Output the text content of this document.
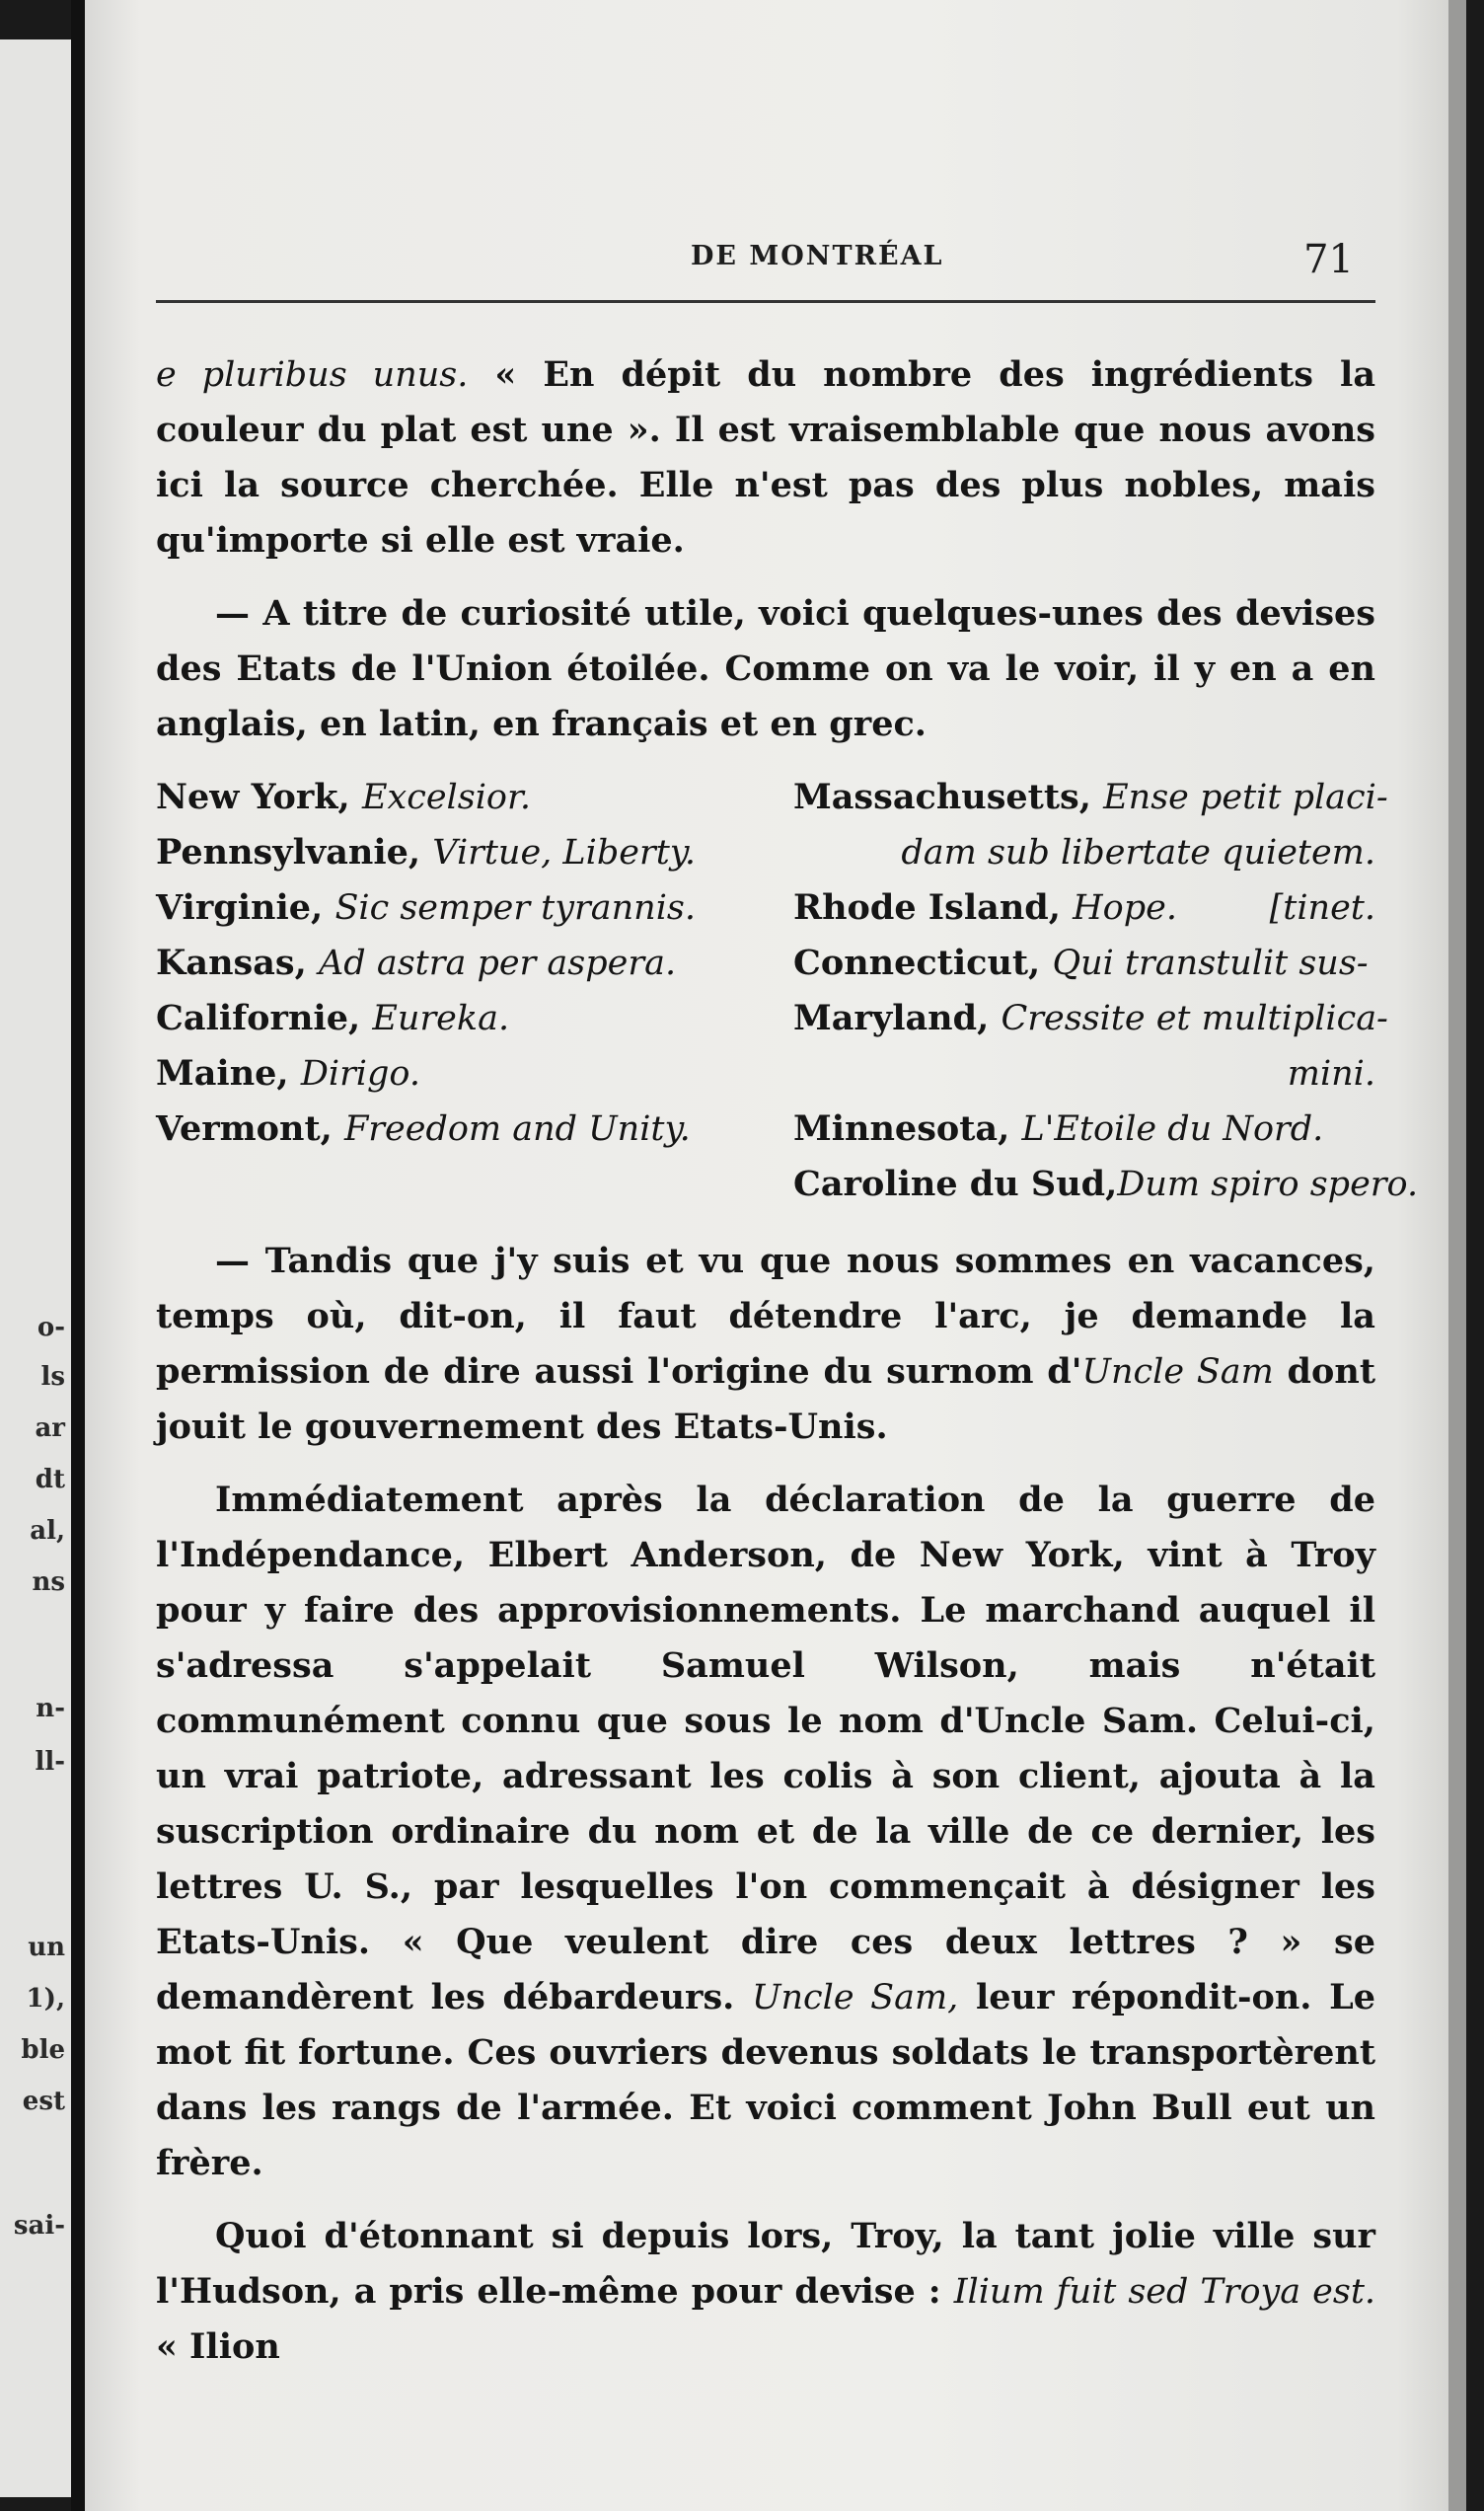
o-
ls
ar
dt
al,
ns
n-
ll-
un
1),
ble
est
sai-
DE MONTRÉAL	71

e pluribus unus. « En dépit du nombre des ingrédients la couleur du plat est une ». Il est vraisemblable que nous avons ici la source cherchée. Elle n'est pas des plus nobles, mais qu'importe si elle est vraie.

— A titre de curiosité utile, voici quelques-unes des devises des Etats de l'Union étoilée. Comme on va le voir, il y en a en anglais, en latin, en français et en grec.

New York, Excelsior.
Pennsylvanie, Virtue, Liberty.
Virginie, Sic semper tyrannis.
Kansas, Ad astra per aspera.
Californie, Eureka.
Maine, Dirigo.
Vermont, Freedom and Unity.
Massachusetts, Ense petit placi-
dam sub libertate quietem.
Rhode Island, Hope.	[tinet.
Connecticut, Qui transtulit sus-
Maryland, Cressite et multiplica-
mini.
Minnesota, L'Etoile du Nord.
Caroline du Sud,Dum spiro spero.

— Tandis que j'y suis et vu que nous sommes en vacances, temps où, dit-on, il faut détendre l'arc, je demande la permission de dire aussi l'origine du surnom d'Uncle Sam dont jouit le gouvernement des Etats-Unis.

Immédiatement après la déclaration de la guerre de l'Indépendance, Elbert Anderson, de New York, vint à Troy pour y faire des approvisionnements. Le marchand auquel il s'adressa s'appelait Samuel Wilson, mais n'était communément connu que sous le nom d'Uncle Sam. Celui-ci, un vrai patriote, adressant les colis à son client, ajouta à la suscription ordinaire du nom et de la ville de ce dernier, les lettres U. S., par lesquelles l'on commençait à désigner les Etats-Unis. « Que veulent dire ces deux lettres ? » se demandèrent les débardeurs. Uncle Sam, leur répondit-on. Le mot fit fortune. Ces ouvriers devenus soldats le transportèrent dans les rangs de l'armée. Et voici comment John Bull eut un frère.

Quoi d'étonnant si depuis lors, Troy, la tant jolie ville sur l'Hudson, a pris elle-même pour devise : Ilium fuit sed Troya est. « Ilion
